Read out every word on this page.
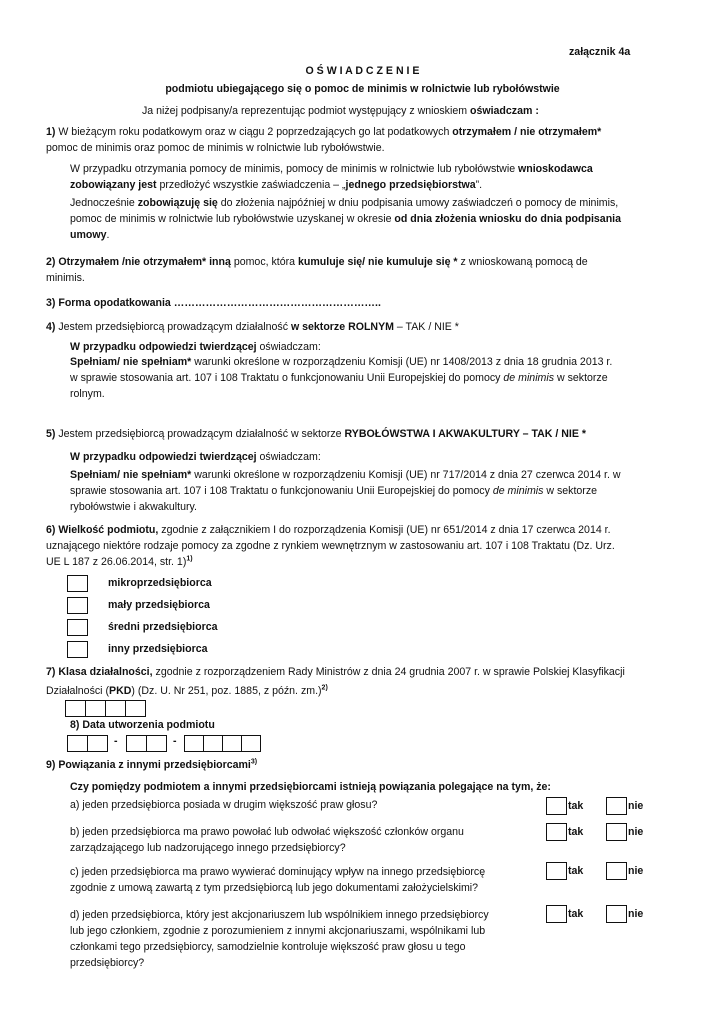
załącznik 4a
O Ś W I A D C Z E N I E
podmiotu ubiegającego się o pomoc de minimis w rolnictwie lub rybołówstwie
Ja niżej podpisany/a reprezentując podmiot występujący z wnioskiem oświadczam :
1) W bieżącym roku podatkowym oraz w ciągu 2 poprzedzających go lat podatkowych otrzymałem / nie otrzymałem*
pomoc de minimis oraz pomoc de minimis w rolnictwie lub rybołówstwie.
W przypadku otrzymania pomocy de minimis, pomocy de minimis w rolnictwie lub rybołówstwie wnioskodawca
zobowiązany jest przedłożyć wszystkie zaświadczenia – „jednego przedsiębiorstwa”.
Jednocześnie zobowiązuję się do złożenia najpóźniej w dniu podpisania umowy zaświadczeń o pomocy de minimis,
pomoc de minimis w rolnictwie lub rybołówstwie uzyskanej w okresie od dnia złożenia wniosku do dnia podpisania
umowy.
2) Otrzymałem /nie otrzymałem* inną pomoc, która kumuluje się/ nie kumuluje się * z wnioskowaną pomocą de
minimis.
3) Forma opodatkowania …………………………………………………..
4) Jestem przedsiębiorcą prowadzącym działalność w sektorze ROLNYM – TAK / NIE *
W przypadku odpowiedzi twierdzącej oświadczam:
Spełniam/ nie spełniam* warunki określone w rozporządzeniu Komisji (UE) nr 1408/2013 z dnia 18 grudnia 2013 r.
w sprawie stosowania art. 107 i 108 Traktatu o funkcjonowaniu Unii Europejskiej do pomocy de minimis w sektorze
rolnym.
5) Jestem przedsiębiorcą prowadzącym działalność w sektorze RYBOŁÓWSTWA I AKWAKULTURY – TAK / NIE *
W przypadku odpowiedzi twierdzącej oświadczam:
Spełniam/ nie spełniam* warunki określone w rozporządzeniu Komisji (UE) nr 717/2014 z dnia 27 czerwca 2014 r. w
sprawie stosowania art. 107 i 108 Traktatu o funkcjonowaniu Unii Europejskiej do pomocy de minimis w sektorze
rybołówstwie i akwakultury.
6) Wielkość podmiotu, zgodnie z załącznikiem I do rozporządzenia Komisji (UE) nr 651/2014 z dnia 17 czerwca 2014 r.
uznającego niektóre rodzaje pomocy za zgodne z rynkiem wewnętrznym w zastosowaniu art. 107 i 108 Traktatu (Dz. Urz.
UE L 187 z 26.06.2014, str. 1)$^{1)}$
mikroprzedsiębiorca
mały przedsiębiorca
średni przedsiębiorca
inny przedsiębiorca
7) Klasa działalności, zgodnie z rozporządzeniem Rady Ministrów z dnia 24 grudnia 2007 r. w sprawie Polskiej Klasyfikacji
Działalności (PKD) (Dz. U. Nr 251, poz. 1885, z późn. zm.)$^{2)}$
8) Data utworzenia podmiotu
-	-
9) Powiązania z innymi przedsiębiorcami$^{3)}$
Czy pomiędzy podmiotem a innymi przedsiębiorcami istnieją powiązania polegające na tym, że:
a) jeden przedsiębiorca posiada w drugim większość praw głosu?	tak	nie
b) jeden przedsiębiorca ma prawo powołać lub odwołać większość członków organu
zarządzającego lub nadzorującego innego przedsiębiorcy?
tak	nie
c) jeden przedsiębiorca ma prawo wywierać dominujący wpływ na innego przedsiębiorcę
zgodnie z umową zawartą z tym przedsiębiorcą lub jego dokumentami założycielskimi?
tak	nie
d) jeden przedsiębiorca, który jest akcjonariuszem lub wspólnikiem innego przedsiębiorcy
lub jego członkiem, zgodnie z porozumieniem z innymi akcjonariuszami, wspólnikami lub
członkami tego przedsiębiorcy, samodzielnie kontroluje większość praw głosu u tego
przedsiębiorcy?
tak	nie
